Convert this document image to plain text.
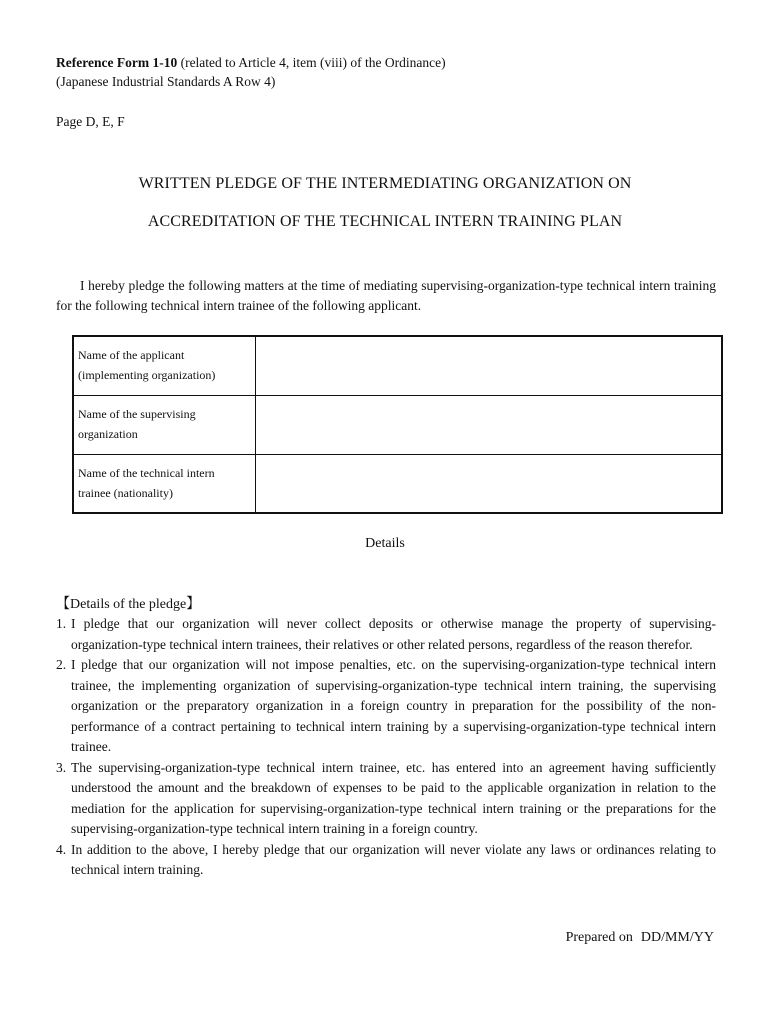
Reference Form 1-10 (related to Article 4, item (viii) of the Ordinance)
(Japanese Industrial Standards A Row 4)
Page D, E, F
WRITTEN PLEDGE OF THE INTERMEDIATING ORGANIZATION ON
ACCREDITATION OF THE TECHNICAL INTERN TRAINING PLAN
I hereby pledge the following matters at the time of mediating supervising-organization-type technical intern training for the following technical intern trainee of the following applicant.
Name of the applicant
(implementing organization)	

Name of the supervising
organization	

Name of the technical intern
trainee (nationality)	

Details
【Details of the pledge】
1. I pledge that our organization will never collect deposits or otherwise manage the property of supervising-organization-type technical intern trainees, their relatives or other related persons, regardless of the reason therefor.
2. I pledge that our organization will not impose penalties, etc. on the supervising-organization-type technical intern trainee, the implementing organization of supervising-organization-type technical intern training, the supervising organization or the preparatory organization in a foreign country in preparation for the possibility of the non-performance of a contract pertaining to technical intern training by a supervising-organization-type technical intern trainee.
3. The supervising-organization-type technical intern trainee, etc. has entered into an agreement having sufficiently understood the amount and the breakdown of expenses to be paid to the applicable organization in relation to the mediation for the application for supervising-organization-type technical intern training or the preparations for the supervising-organization-type technical intern training in a foreign country.
4. In addition to the above, I hereby pledge that our organization will never violate any laws or ordinances relating to technical intern training.
Prepared on DD/MM/YY
